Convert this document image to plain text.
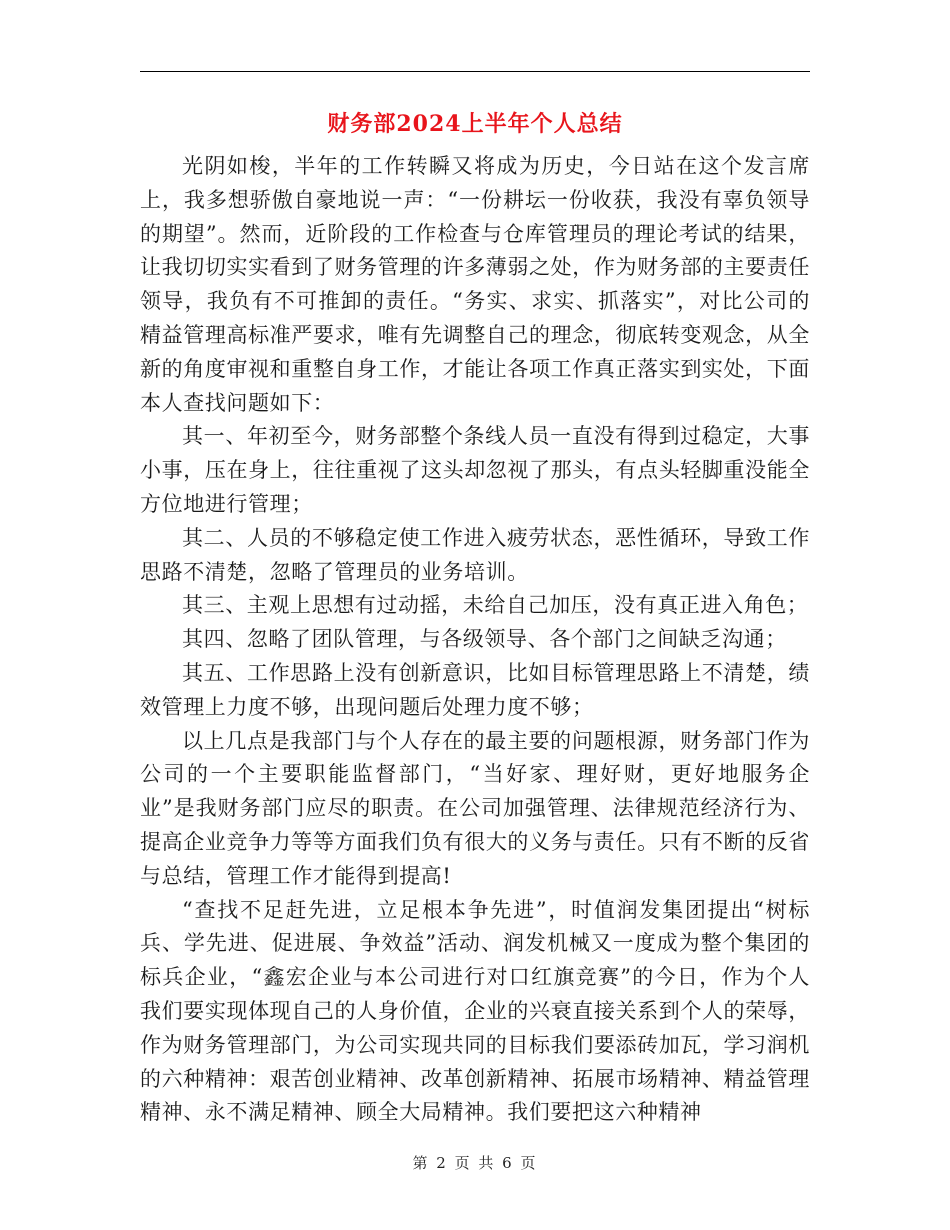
财务部2024上半年个人总结

光阴如梭，半年的工作转瞬又将成为历史，今日站在这个发言席上，我多想骄傲自豪地说一声：“一份耕坛一份收获，我没有辜负领导的期望”。然而，近阶段的工作检查与仓库管理员的理论考试的结果，让我切切实实看到了财务管理的许多薄弱之处，作为财务部的主要责任领导，我负有不可推卸的责任。“务实、求实、抓落实”，对比公司的精益管理高标准严要求，唯有先调整自己的理念，彻底转变观念，从全新的角度审视和重整自身工作，才能让各项工作真正落实到实处，下面本人查找问题如下：

其一、年初至今，财务部整个条线人员一直没有得到过稳定，大事小事，压在身上，往往重视了这头却忽视了那头，有点头轻脚重没能全方位地进行管理；

其二、人员的不够稳定使工作进入疲劳状态，恶性循环，导致工作思路不清楚，忽略了管理员的业务培训。

其三、主观上思想有过动摇，未给自己加压，没有真正进入角色；

其四、忽略了团队管理，与各级领导、各个部门之间缺乏沟通；

其五、工作思路上没有创新意识，比如目标管理思路上不清楚，绩效管理上力度不够，出现问题后处理力度不够；

以上几点是我部门与个人存在的最主要的问题根源，财务部门作为公司的一个主要职能监督部门，“当好家、理好财，更好地服务企业”是我财务部门应尽的职责。在公司加强管理、法律规范经济行为、提高企业竞争力等等方面我们负有很大的义务与责任。只有不断的反省与总结，管理工作才能得到提高!

“查找不足赶先进，立足根本争先进”，时值润发集团提出“树标兵、学先进、促进展、争效益”活动、润发机械又一度成为整个集团的标兵企业，“鑫宏企业与本公司进行对口红旗竞赛”的今日，作为个人我们要实现体现自己的人身价值，企业的兴衰直接关系到个人的荣辱，作为财务管理部门，为公司实现共同的目标我们要添砖加瓦，学习润机的六种精神：艰苦创业精神、改革创新精神、拓展市场精神、精益管理精神、永不满足精神、顾全大局精神。我们要把这六种精神

第 2 页 共 6 页
